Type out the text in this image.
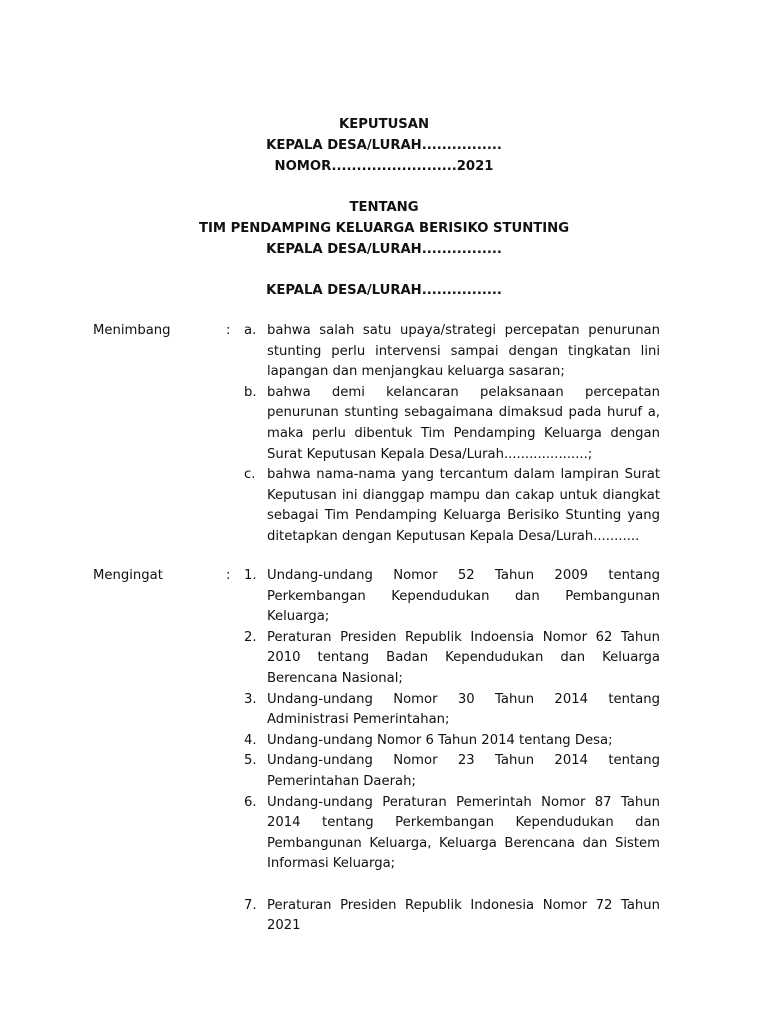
KEPUTUSAN
KEPALA DESA/LURAH................
NOMOR.........................2021
TENTANG
TIM PENDAMPING KELUARGA BERISIKO STUNTING
KEPALA DESA/LURAH................
KEPALA DESA/LURAH................
Menimbang	: a. bahwa salah satu upaya/strategi percepatan penurunan stunting perlu intervensi sampai dengan tingkatan lini lapangan dan menjangkau keluarga sasaran;
b. bahwa demi kelancaran pelaksanaan percepatan penurunan stunting sebagaimana dimaksud pada huruf a, maka perlu dibentuk Tim Pendamping Keluarga dengan Surat Keputusan Kepala Desa/Lurah....................;
c. bahwa nama-nama yang tercantum dalam lampiran Surat Keputusan ini dianggap mampu dan cakap untuk diangkat sebagai Tim Pendamping Keluarga Berisiko Stunting yang ditetapkan dengan Keputusan Kepala Desa/Lurah...........
Mengingat	: 1. Undang-undang Nomor 52 Tahun 2009 tentang Perkembangan Kependudukan dan Pembangunan Keluarga;
2. Peraturan Presiden Republik Indoensia Nomor 62 Tahun 2010 tentang Badan Kependudukan dan Keluarga Berencana Nasional;
3. Undang-undang Nomor 30 Tahun 2014 tentang Administrasi Pemerintahan;
4. Undang-undang Nomor 6 Tahun 2014 tentang Desa;
5. Undang-undang Nomor 23 Tahun 2014 tentang Pemerintahan Daerah;
6. Undang-undang Peraturan Pemerintah Nomor 87 Tahun 2014 tentang Perkembangan Kependudukan dan Pembangunan Keluarga, Keluarga Berencana dan Sistem Informasi Keluarga;
7. Peraturan Presiden Republik Indonesia Nomor 72 Tahun 2021
